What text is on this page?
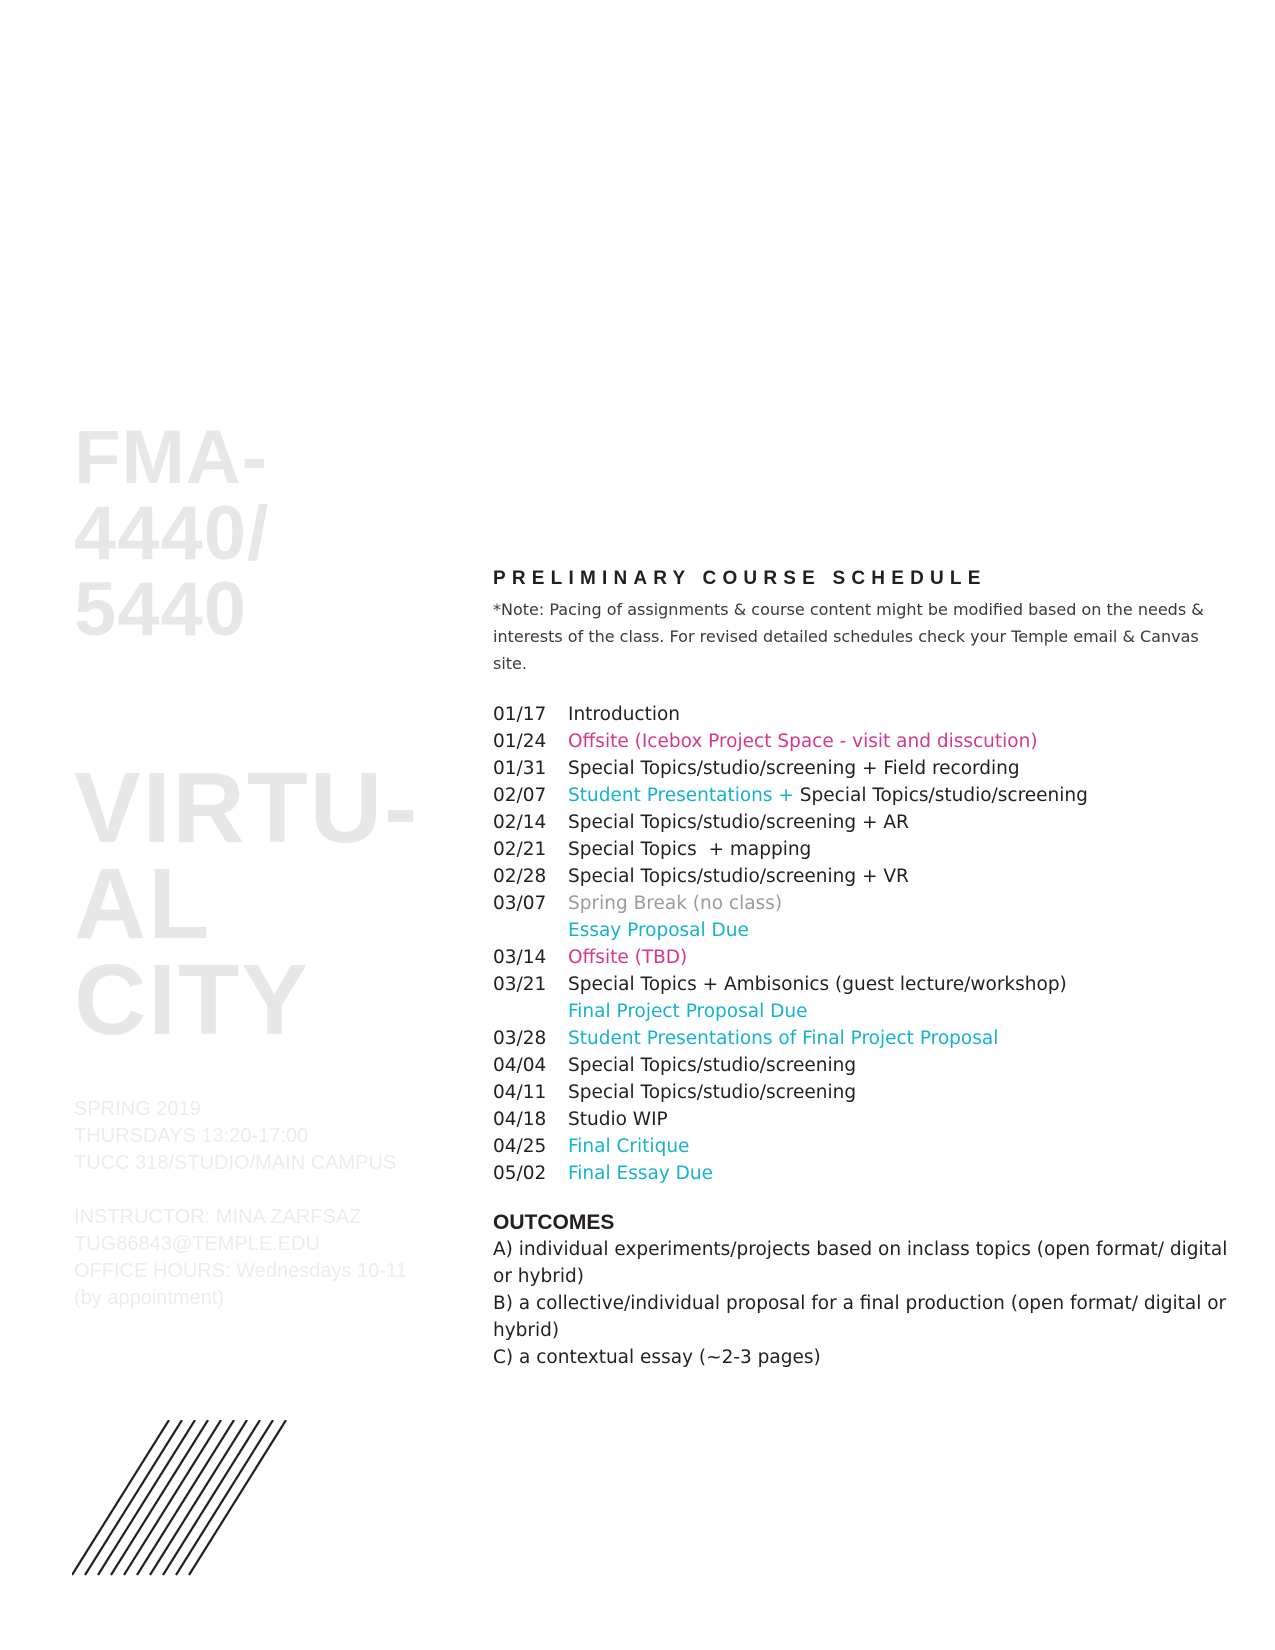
FMA-
4440/
5440
VIRTU-
AL
CITY
SPRING 2019
THURSDAYS 13:20-17:00
TUCC 318/STUDIO/MAIN CAMPUS
INSTRUCTOR: MINA ZARFSAZ
TUG86843@TEMPLE.EDU
OFFICE HOURS: Wednesdays 10-11
(by appointment)
PRELIMINARY COURSE SCHEDULE

*Note: Pacing of assignments & course content might be modified based on the needs & interests of the class. For revised detailed schedules check your Temple email & Canvas site.

01/17	Introduction
01/24	Offsite (Icebox Project Space - visit and disscution)
01/31	Special Topics/studio/screening + Field recording
02/07	Student Presentations + Special Topics/studio/screening
02/14	Special Topics/studio/screening + AR
02/21	Special Topics  + mapping
02/28	Special Topics/studio/screening + VR
03/07	Spring Break (no class)
Essay Proposal Due
03/14	Offsite (TBD)
03/21	Special Topics + Ambisonics (guest lecture/workshop)
Final Project Proposal Due
03/28	Student Presentations of Final Project Proposal
04/04	Special Topics/studio/screening
04/11	Special Topics/studio/screening
04/18	Studio WIP
04/25	Final Critique
05/02	Final Essay Due
OUTCOMES

A) individual experiments/projects based on inclass topics (open format/ digital or hybrid)

B) a collective/individual proposal for a final production (open format/ digital or hybrid)

C) a contextual essay (~2-3 pages)
